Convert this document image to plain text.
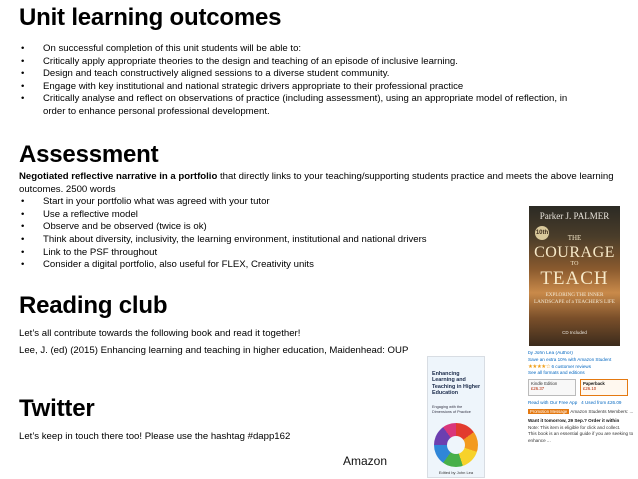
Unit learning outcomes
• On successful completion of this unit students will be able to:
• Critically apply appropriate theories to the design and teaching of an episode of inclusive learning.
• Design and teach constructively aligned sessions to a diverse student community.
• Engage with key institutional and national strategic drivers appropriate to their professional practice
• Critically analyse and reflect on observations of practice (including assessment), using an appropriate model of reflection, in order to enhance personal professional development.
Assessment

Negotiated reflective narrative in a portfolio that directly links to your teaching/supporting students practice and meets the above learning outcomes. 2500 words

• Start in your portfolio what was agreed with your tutor
• Use a reflective model
• Observe and be observed (twice is ok)
• Think about diversity, inclusivity, the learning environment, institutional and national drivers
• Link to the PSF throughout
• Consider a digital portfolio, also useful for FLEX, Creativity units
Reading club

Let’s all contribute towards the following book and read it together!

Lee, J. (ed) (2015) Enhancing learning and teaching in higher education, Maidenhead: OUP

Twitter

Let’s keep in touch there too! Please use the hashtag #dapp162

Parker J. PALMER
10th
THE
COURAGE
TO
TEACH
EXPLORING THE INNER LANDSCAPE of a TEACHER'S LIFE
CD Included
Enhancing Learning and Teaching in Higher Education
Engaging with the Dimensions of Practice
Edited by John Lea
by John Lea (Author)
Save an extra 10% with Amazon Student
★★★★☆ 6 customer reviews
See all formats and editions
Kindle Edition
£26.37
Paperback
£26.10
Read with Our Free App 4 Used from £26.09
Promotion Message Amazon Students Members: ...
Want it tomorrow, 29 Sep.? Order it within
Note: This item is eligible for click and collect.
This book is an essential guide if you are seeking to enhance ...
Amazon
